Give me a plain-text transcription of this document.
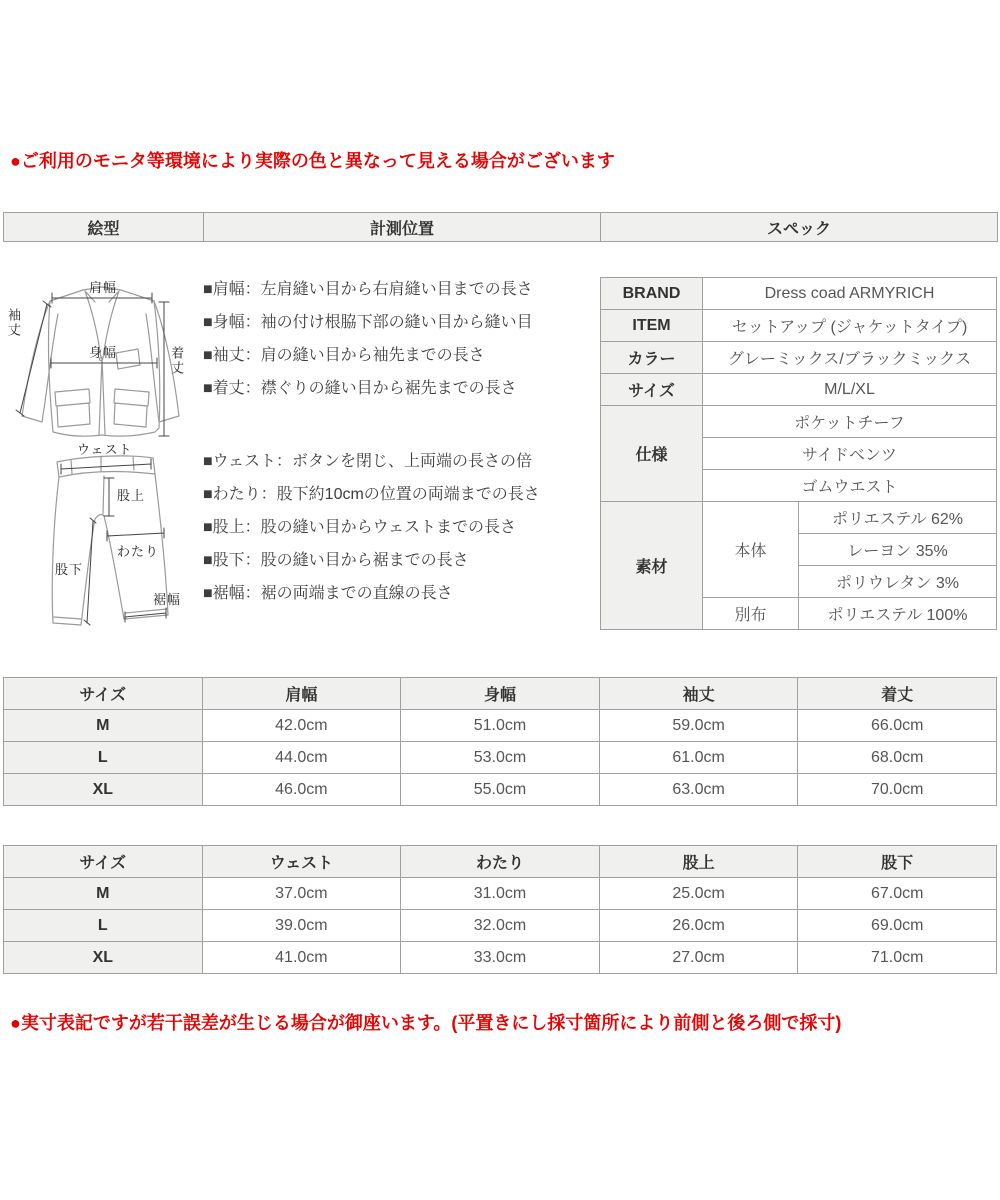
●ご利用のモニタ等環境により実際の色と異なって見える場合がございます
絵型	計測位置	スペック
肩幅
袖丈
身幅	着丈
ウェスト
股上
わたり
股下
裾幅
■肩幅：左肩縫い目から右肩縫い目までの長さ
■身幅：袖の付け根脇下部の縫い目から縫い目
■袖丈：肩の縫い目から袖先までの長さ
■着丈：襟ぐりの縫い目から裾先までの長さ
■ウェスト：ボタンを閉じ、上両端の長さの倍
■わたり：股下約10cmの位置の両端までの長さ
■股上：股の縫い目からウェストまでの長さ
■股下：股の縫い目から裾までの長さ
■裾幅：裾の両端までの直線の長さ
BRAND	Dress coad ARMYRICH	
ITEM	セットアップ (ジャケットタイプ)	
カラー	グレーミックス/ブラックミックス	
サイズ	M/L/XL	
仕様	ポケットチーフ	
	サイドベンツ	
	ゴムウエスト	
素材	本体	ポリエステル 62%
		レーヨン 35%
		ポリウレタン 3%
	別布	ポリエステル 100%
サイズ	肩幅	身幅	袖丈	着丈
M	42.0cm	51.0cm	59.0cm	66.0cm
L	44.0cm	53.0cm	61.0cm	68.0cm
XL	46.0cm	55.0cm	63.0cm	70.0cm
サイズ	ウェスト	わたり	股上	股下
M	37.0cm	31.0cm	25.0cm	67.0cm
L	39.0cm	32.0cm	26.0cm	69.0cm
XL	41.0cm	33.0cm	27.0cm	71.0cm
●実寸表記ですが若干誤差が生じる場合が御座います。(平置きにし採寸箇所により前側と後ろ側で採寸)
